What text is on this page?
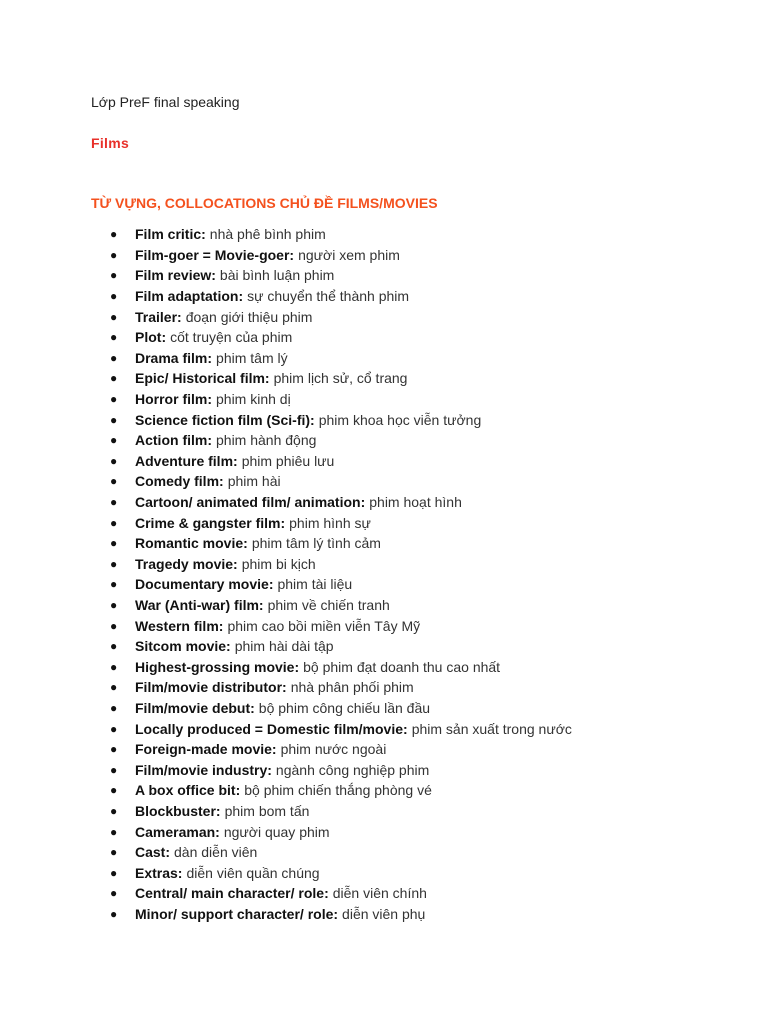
Lớp PreF final speaking
Films
TỪ VỰNG, COLLOCATIONS CHỦ ĐỀ FILMS/MOVIES
●	Film critic: nhà phê bình phim
●	Film-goer = Movie-goer: người xem phim
●	Film review: bài bình luận phim
●	Film adaptation: sự chuyển thể thành phim
●	Trailer: đoạn giới thiệu phim
●	Plot: cốt truyện của phim
●	Drama film: phim tâm lý
●	Epic/ Historical film: phim lịch sử, cổ trang
●	Horror film: phim kinh dị
●	Science fiction film (Sci-fi): phim khoa học viễn tưởng
●	Action film: phim hành động
●	Adventure film: phim phiêu lưu
●	Comedy film: phim hài
●	Cartoon/ animated film/ animation: phim hoạt hình
●	Crime & gangster film: phim hình sự
●	Romantic movie: phim tâm lý tình cảm
●	Tragedy movie: phim bi kịch
●	Documentary movie: phim tài liệu
●	War (Anti-war) film: phim về chiến tranh
●	Western film: phim cao bồi miền viễn Tây Mỹ
●	Sitcom movie: phim hài dài tập
●	Highest-grossing movie: bộ phim đạt doanh thu cao nhất
●	Film/movie distributor: nhà phân phối phim
●	Film/movie debut: bộ phim công chiếu lần đầu
●	Locally produced = Domestic film/movie: phim sản xuất trong nước
●	Foreign-made movie: phim nước ngoài
●	Film/movie industry: ngành công nghiệp phim
●	A box office bit: bộ phim chiến thắng phòng vé
●	Blockbuster: phim bom tấn
●	Cameraman: người quay phim
●	Cast: dàn diễn viên
●	Extras: diễn viên quần chúng
●	Central/ main character/ role: diễn viên chính
●	Minor/ support character/ role: diễn viên phụ
